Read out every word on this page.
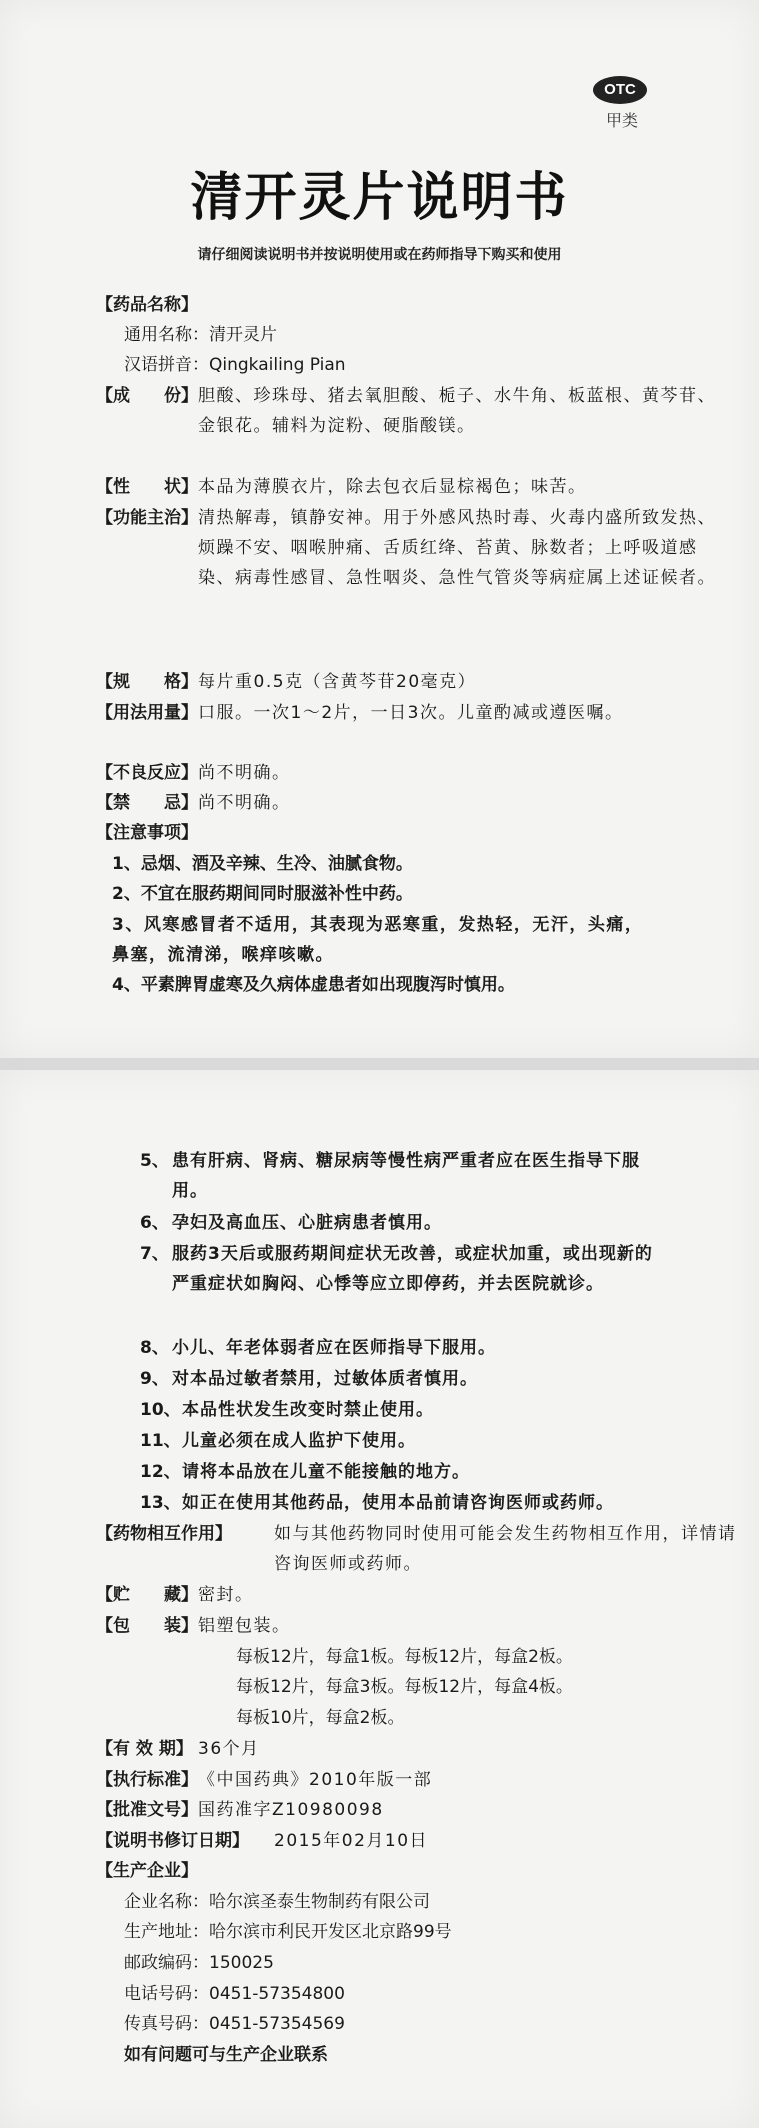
OTC
甲类
清开灵片说明书
请仔细阅读说明书并按说明使用或在药师指导下购买和使用
【药品名称】
通用名称：清开灵片
汉语拼音：Qingkailing Pian
【成　　份】 胆酸、珍珠母、猪去氧胆酸、栀子、水牛角、板蓝根、黄芩苷、金银花。辅料为淀粉、硬脂酸镁。
【性　　状】 本品为薄膜衣片，除去包衣后显棕褐色；味苦。
【功能主治】 清热解毒，镇静安神。用于外感风热时毒、火毒内盛所致发热、烦躁不安、咽喉肿痛、舌质红绛、苔黄、脉数者；上呼吸道感染、病毒性感冒、急性咽炎、急性气管炎等病症属上述证候者。
【规　　格】 每片重0.5克（含黄芩苷20毫克）
【用法用量】 口服。一次1～2片，一日3次。儿童酌减或遵医嘱。
【不良反应】 尚不明确。
【禁　　忌】 尚不明确。
【注意事项】
1、忌烟、酒及辛辣、生冷、油腻食物。
2、不宜在服药期间同时服滋补性中药。
3、风寒感冒者不适用，其表现为恶寒重，发热轻，无汗，头痛，鼻塞，流清涕，喉痒咳嗽。
4、平素脾胃虚寒及久病体虚患者如出现腹泻时慎用。
5、 患有肝病、肾病、糖尿病等慢性病严重者应在医生指导下服用。
6、 孕妇及高血压、心脏病患者慎用。
7、 服药3天后或服药期间症状无改善，或症状加重，或出现新的严重症状如胸闷、心悸等应立即停药，并去医院就诊。
8、 小儿、年老体弱者应在医师指导下服用。
9、 对本品过敏者禁用，过敏体质者慎用。
10、 本品性状发生改变时禁止使用。
11、 儿童必须在成人监护下使用。
12、 请将本品放在儿童不能接触的地方。
13、 如正在使用其他药品，使用本品前请咨询医师或药师。
【药物相互作用】 如与其他药物同时使用可能会发生药物相互作用，详情请咨询医师或药师。
【贮　　藏】 密封。
【包　　装】 铝塑包装。
每板12片，每盒1板。每板12片，每盒2板。
每板12片，每盒3板。每板12片，每盒4板。
每板10片，每盒2板。
【有 效 期】 36个月
【执行标准】 《中国药典》2010年版一部
【批准文号】 国药准字Z10980098
【说明书修订日期】 2015年02月10日
【生产企业】
企业名称：哈尔滨圣泰生物制药有限公司
生产地址：哈尔滨市利民开发区北京路99号
邮政编码：150025
电话号码：0451-57354800
传真号码：0451-57354569
如有问题可与生产企业联系
